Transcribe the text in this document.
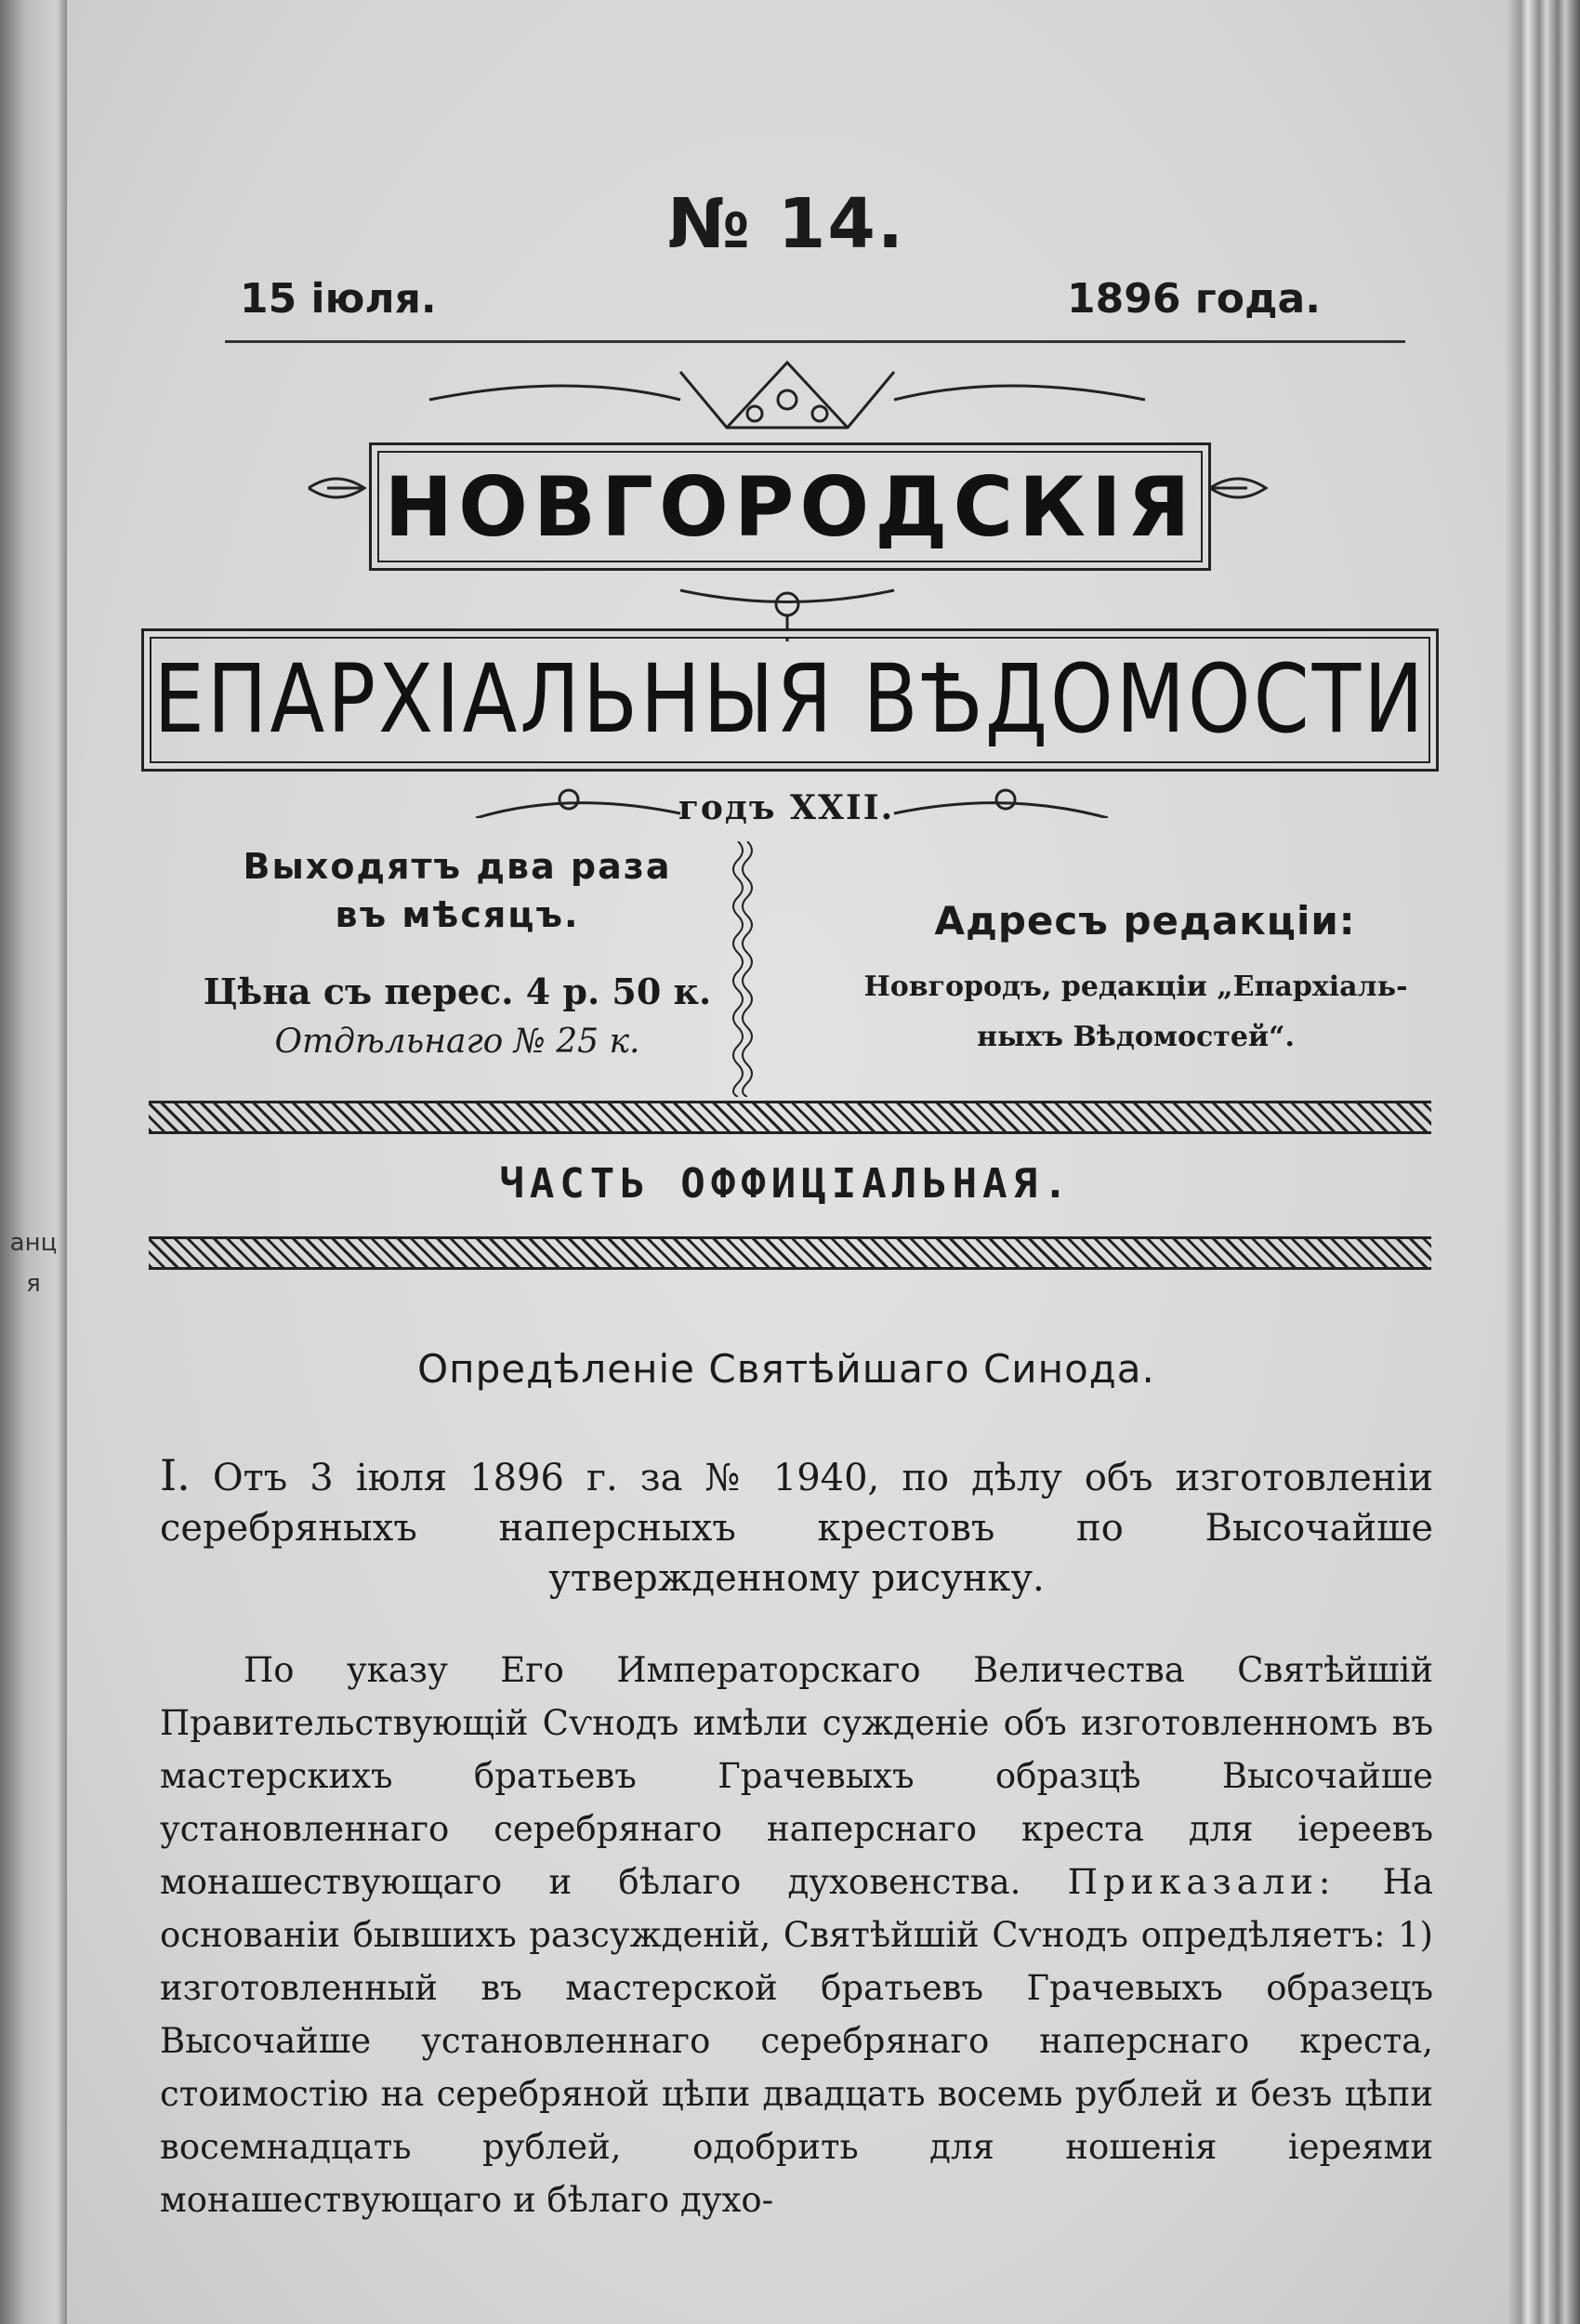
анц
я
№ 14.
15 іюля.	1896 года.
НОВГОРОДСКІЯ
ЕПАРХІАЛЬНЫЯ ВѢДОМОСТИ
годъ XXII.
Выходятъ два раза
въ мѣсяцъ.
Цѣна съ перес. 4 р. 50 к.
Отдѣльнаго № 25 к.
Адресъ редакціи:
Новгородъ, редакціи „Епархіаль-
ныхъ Вѣдомостей“.
ЧАСТЬ ОФФИЦІАЛЬНАЯ.
Опредѣленіе Святѣйшаго Синода.
I. Отъ 3 іюля 1896 г. за № 1940, по дѣлу объ изготовленіи серебряныхъ наперсныхъ крестовъ по Высочайше утвержденному рисунку.

По указу Его Императорскаго Величества Святѣйшій Правительствующій Сѵнодъ имѣли сужденіе объ изготовленномъ въ мастерскихъ братьевъ Грачевыхъ образцѣ Высочайше установленнаго серебрянаго наперснаго креста для іереевъ монашествующаго и бѣлаго духовенства. Приказали: На основаніи бывшихъ разсужденій, Святѣйшій Сѵнодъ опредѣляетъ: 1) изготовленный въ мастерской братьевъ Грачевыхъ образецъ Высочайше установленнаго серебрянаго наперснаго креста, стоимостію на серебряной цѣпи двадцать восемь рублей и безъ цѣпи восемнадцать рублей, одобрить для ношенія іереями монашествующаго и бѣлаго духо-
